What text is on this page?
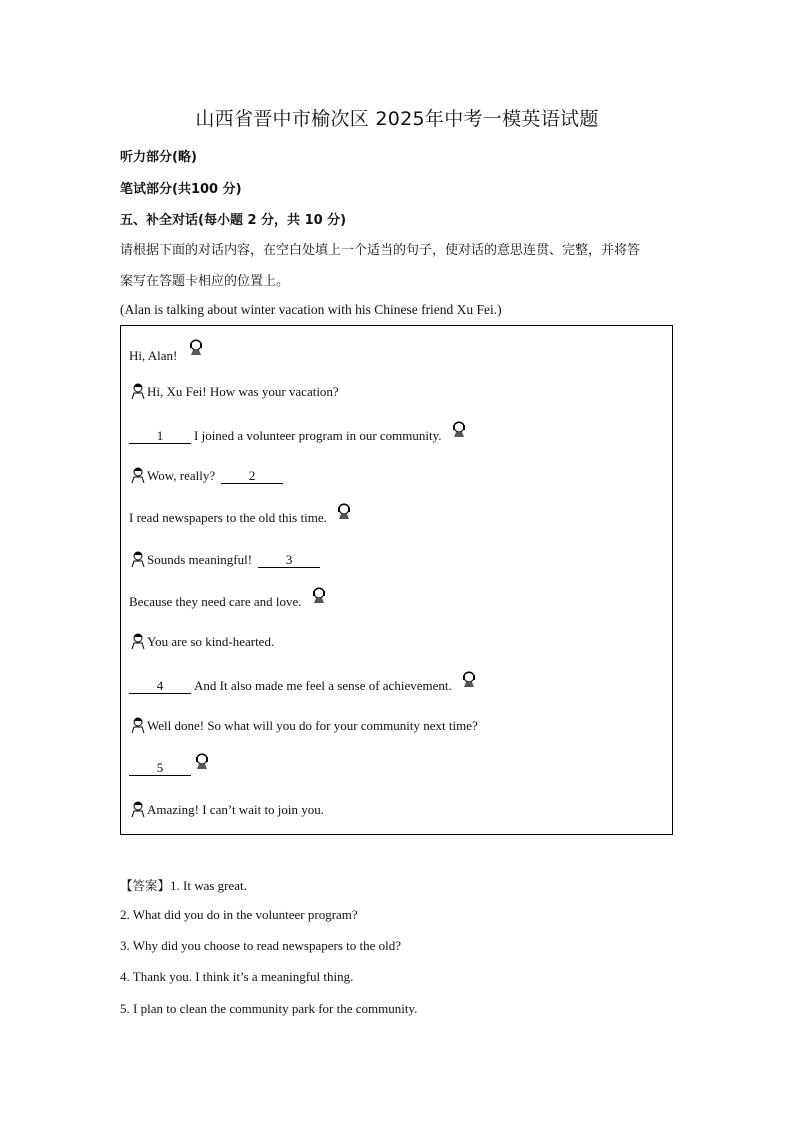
山西省晋中市榆次区 2025年中考一模英语试题
听力部分(略)
笔试部分(共100 分)
五、补全对话(每小题 2 分，共 10 分)
请根据下面的对话内容，在空白处填上一个适当的句子，使对话的意思连贯、完整，并将答
案写在答题卡相应的位置上。
(Alan is talking about winter vacation with his Chinese friend Xu Fei.)
Hi, Alan!
Hi, Xu Fei! How was your vacation?
1	I joined a volunteer program in our community.
Wow, really?	2
I read newspapers to the old this time.
Sounds meaningful!	3
Because they need care and love.
You are so kind-hearted.
4	And It also made me feel a sense of achievement.
Well done! So what will you do for your community next time?
5
Amazing! I can’t wait to join you.
【答案】1. It was great.
2. What did you do in the volunteer program?
3. Why did you choose to read newspapers to the old?
4. Thank you. I think it’s a meaningful thing.
5. I plan to clean the community park for the community.
